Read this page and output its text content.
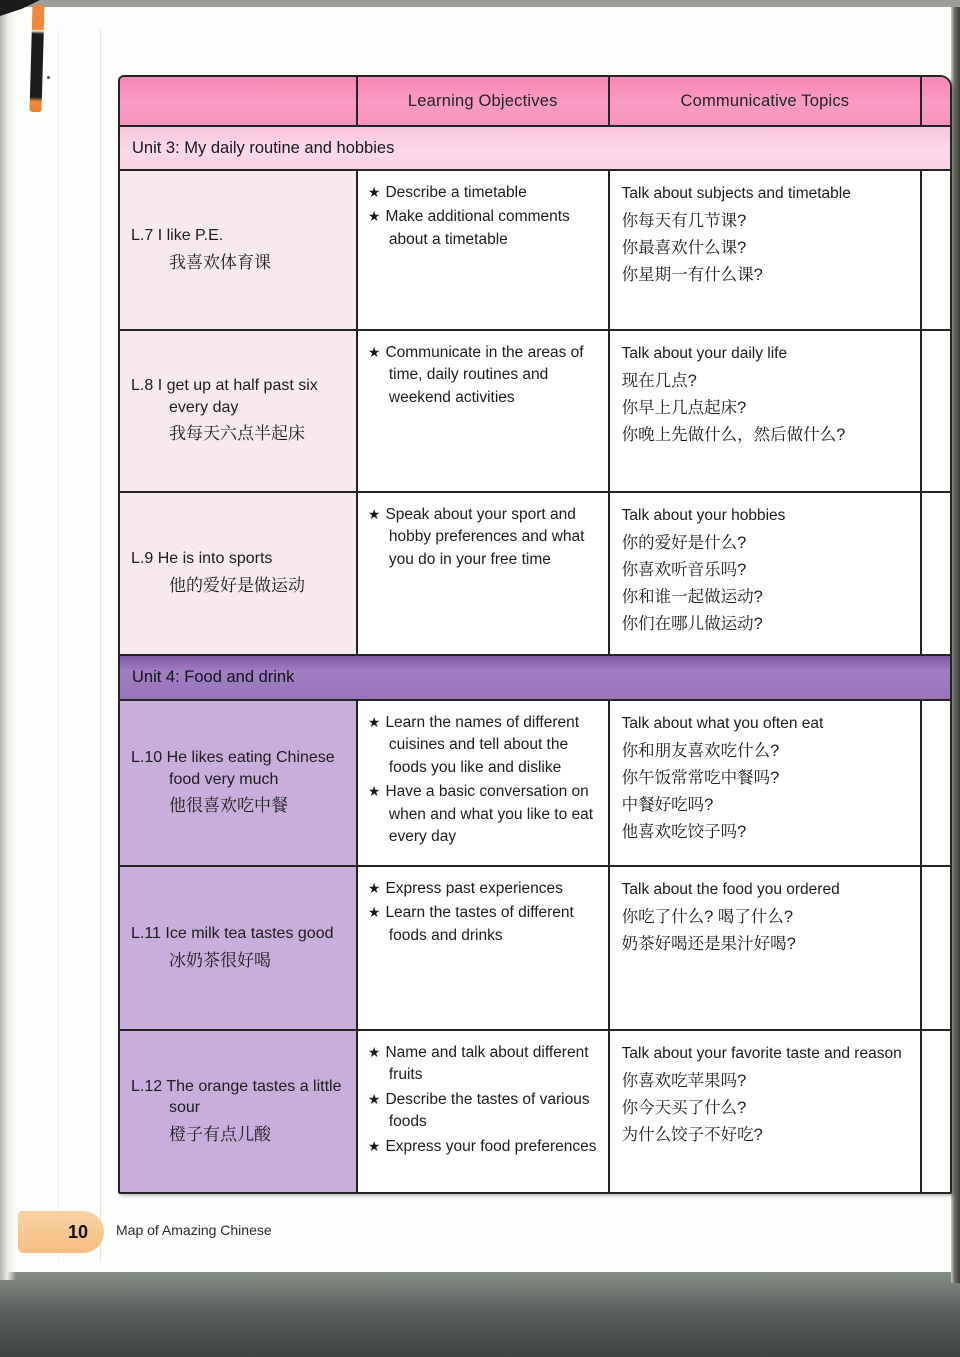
Learning Objectives	Communicative Topics
Unit 3: My daily routine and hobbies
L.7 I like P.E.
我喜欢体育课
★ Describe a timetable
★ Make additional comments about a timetable
Talk about subjects and timetable
你每天有几节课?
你最喜欢什么课?
你星期一有什么课?
L.8 I get up at half past six every day
我每天六点半起床
★ Communicate in the areas of time, daily routines and weekend activities
Talk about your daily life
现在几点?
你早上几点起床?
你晚上先做什么，然后做什么?
L.9 He is into sports
他的爱好是做运动
★ Speak about your sport and hobby preferences and what you do in your free time
Talk about your hobbies
你的爱好是什么?
你喜欢听音乐吗?
你和谁一起做运动?
你们在哪儿做运动?
Unit 4: Food and drink
L.10 He likes eating Chinese food very much
他很喜欢吃中餐
★ Learn the names of different cuisines and tell about the foods you like and dislike
★ Have a basic conversation on when and what you like to eat every day
Talk about what you often eat
你和朋友喜欢吃什么?
你午饭常常吃中餐吗?
中餐好吃吗?
他喜欢吃饺子吗?
L.11 Ice milk tea tastes good
冰奶茶很好喝
★ Express past experiences
★ Learn the tastes of different foods and drinks
Talk about the food you ordered
你吃了什么? 喝了什么?
奶茶好喝还是果汁好喝?
L.12 The orange tastes a little sour
橙子有点儿酸
★ Name and talk about different fruits
★ Describe the tastes of various foods
★ Express your food preferences
Talk about your favorite taste and reason
你喜欢吃苹果吗?
你今天买了什么?
为什么饺子不好吃?
10 Map of Amazing Chinese
